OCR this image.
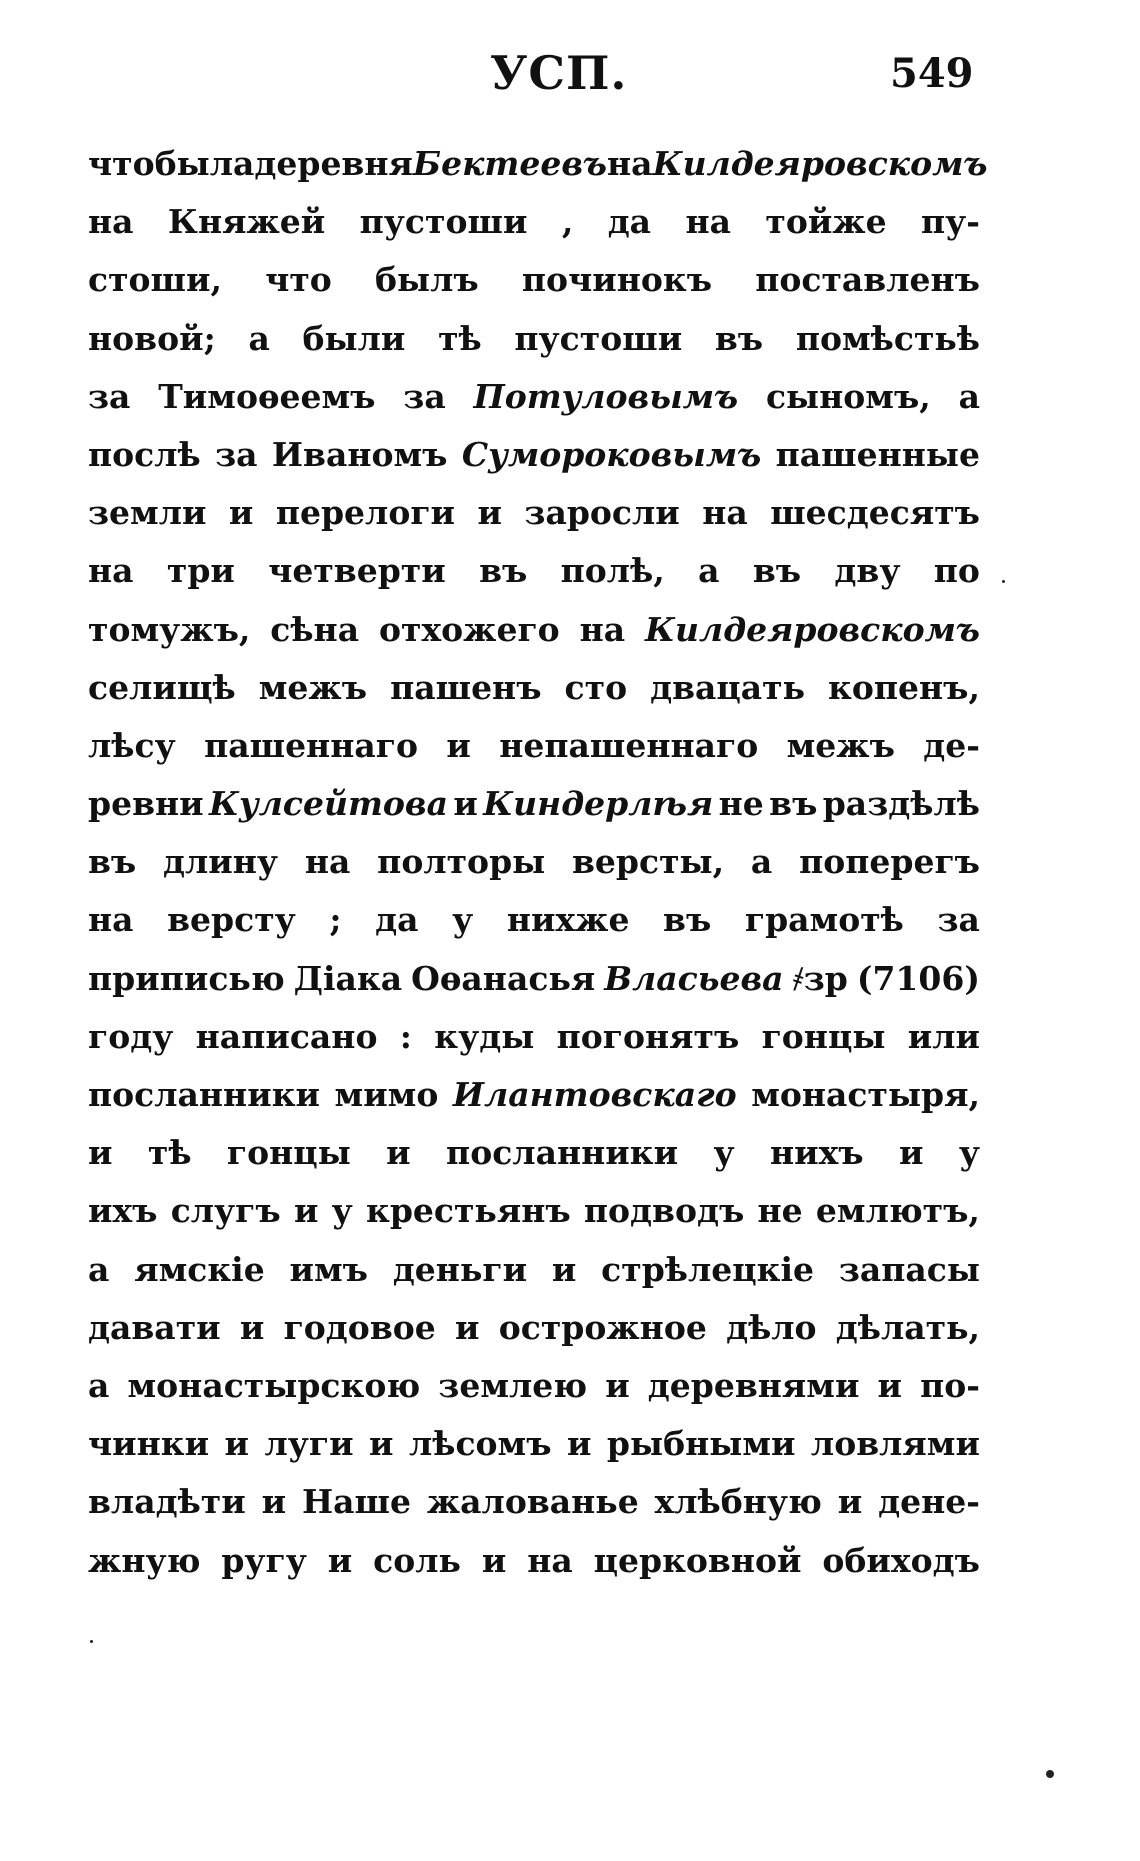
УСП.	549
что была деревня Бектеевъ на Килдеяровскомъ
на Княжей пустоши , да на тойже пу-
стоши, что былъ починокъ поставленъ
новой; а были тѣ пустоши въ помѣстьѣ
за Тимоѳеемъ за Потуловымъ сыномъ, а
послѣ за Иваномъ Сумороковымъ пашенные
земли и перелоги и заросли на шесдесятъ
на три четверти въ полѣ, а въ дву по
томужъ, сѣна отхожего на Килдеяровскомъ
селищѣ межъ пашенъ сто двацать копенъ,
лѣсу пашеннаго и непашеннаго межъ де-
ревни Кулсейтова и Киндерлѣя не въ раздѣлѣ
въ длину на полторы версты, а поперегъ
на версту ; да у нихже въ грамотѣ за
приписью Дiака Оѳанасья Власьева ҂зр (7106)
году написано : куды погонятъ гонцы или
посланники мимо Илантовскаго монастыря,
и тѣ гонцы и посланники у нихъ и у
ихъ слугъ и у крестьянъ подводъ не емлютъ,
а ямскiе имъ деньги и стрѣлецкiе запасы
давати и годовое и острожное дѣло дѣлать,
а монастырскою землею и деревнями и по-
чинки и луги и лѣсомъ и рыбными ловлями
владѣти и Наше жалованье хлѣбную и дене-
жную ругу и соль и на церковной обиходъ
